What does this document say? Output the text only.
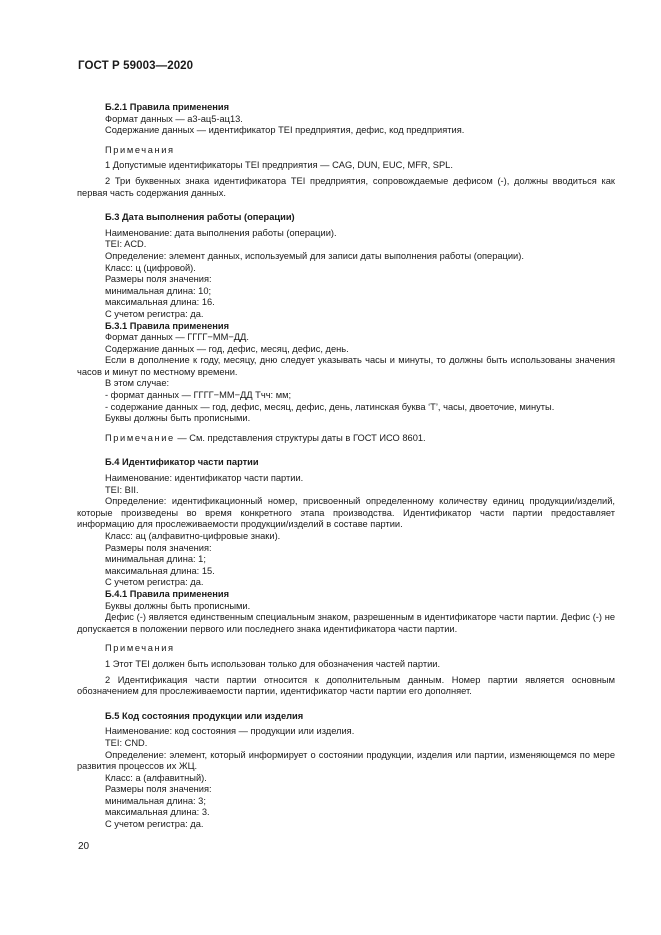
ГОСТ Р 59003—2020

Б.2.1 Правила применения

Формат данных — a3-ац5-ац13.

Содержание данных — идентификатор TEI предприятия, дефис, код предприятия.

Примечания

1 Допустимые идентификаторы TEI предприятия — CAG, DUN, EUC, MFR, SPL.

2 Три буквенных знака идентификатора TEI предприятия, сопровождаемые дефисом (-), должны вводиться как первая часть содержания данных.

Б.3 Дата выполнения работы (операции)

Наименование: дата выполнения работы (операции).

TEI: ACD.

Определение: элемент данных, используемый для записи даты выполнения работы (операции).

Класс: ц (цифровой).

Размеры поля значения:

минимальная длина: 10;

максимальная длина: 16.

С учетом регистра: да.

Б.3.1 Правила применения

Формат данных — ГГГГ−ММ−ДД.

Содержание данных — год, дефис, месяц, дефис, день.

Если в дополнение к году, месяцу, дню следует указывать часы и минуты, то должны быть использованы значения часов и минут по местному времени.

В этом случае:

- формат данных — ГГГГ−ММ−ДД Тчч: мм;

- содержание данных — год, дефис, месяц, дефис, день, латинская буква ‘T’, часы, двоеточие, минуты.

Буквы должны быть прописными.

Примечание — См. представления структуры даты в ГОСТ ИСО 8601.

Б.4 Идентификатор части партии

Наименование: идентификатор части партии.

TEI: BII.

Определение: идентификационный номер, присвоенный определенному количеству единиц продукции/изделий, которые произведены во время конкретного этапа производства. Идентификатор части партии предоставляет информацию для прослеживаемости продукции/изделий в составе партии.

Класс: ац (алфавитно-цифровые знаки).

Размеры поля значения:

минимальная длина: 1;

максимальная длина: 15.

С учетом регистра: да.

Б.4.1 Правила применения

Буквы должны быть прописными.

Дефис (-) является единственным специальным знаком, разрешенным в идентификаторе части партии. Дефис (-) не допускается в положении первого или последнего знака идентификатора части партии.

Примечания

1 Этот TEI должен быть использован только для обозначения частей партии.

2 Идентификация части партии относится к дополнительным данным. Номер партии является основным обозначением для прослеживаемости партии, идентификатор части партии его дополняет.

Б.5 Код состояния продукции или изделия

Наименование: код состояния — продукции или изделия.

TEI: CND.

Определение: элемент, который информирует о состоянии продукции, изделия или партии, изменяющемся по мере развития процессов их ЖЦ.

Класс: а (алфавитный).

Размеры поля значения:

минимальная длина: 3;

максимальная длина: 3.

С учетом регистра: да.

20
